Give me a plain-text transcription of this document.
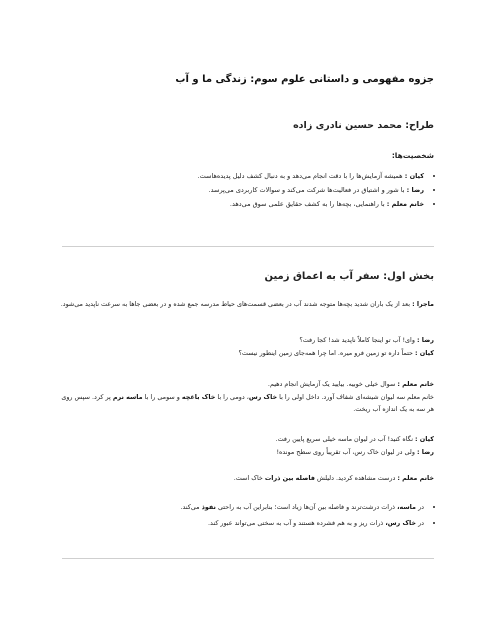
جزوه مفهومی و داستانی علوم سوم: زندگی ما و آب
طراح: محمد حسین نادری زاده
شخصیت‌ها:
• کیان : همیشه آزمایش‌ها را با دقت انجام می‌دهد و به دنبال کشف دلیل پدیده‌هاست.
• رضا : با شور و اشتیاق در فعالیت‌ها شرکت می‌کند و سوالات کاربردی می‌پرسد.
• خانم معلم : با راهنمایی، بچه‌ها را به کشف حقایق علمی سوق می‌دهد.
بخش اول: سفر آب به اعماق زمین

ماجرا : بعد از یک باران شدید بچه‌ها متوجه شدند آب در بعضی قسمت‌های حیاط مدرسه جمع شده و در بعضی جاها به سرعت ناپدید می‌شود.

رضا : وای! آب تو اینجا کاملاً ناپدید شد! کجا رفت؟
کیان : حتماً داره تو زمین فرو میره. اما چرا همه‌جای زمین اینطور نیست؟

خانم معلم : سوال خیلی خوبیه. بیایید یک آزمایش انجام دهیم.
خانم معلم سه لیوان شیشه‌ای شفاف آورد. داخل اولی را با خاک رس، دومی را با خاک باغچه و سومی را با ماسه نرم پر کرد. سپس روی هر سه به یک اندازه آب ریخت.

کیان : نگاه کنید! آب در لیوان ماسه خیلی سریع پایین رفت.
رضا : ولی در لیوان خاک رس، آب تقریباً روی سطح مونده!

خانم معلم : درست مشاهده کردید. دلیلش فاصله بین ذرات خاک است.

• در ماسه، ذرات درشت‌ترند و فاصله بین آن‌ها زیاد است؛ بنابراین آب به راحتی نفوذ می‌کند.
• در خاک رس، ذرات ریز و به هم فشرده هستند و آب به سختی می‌تواند عبور کند.
